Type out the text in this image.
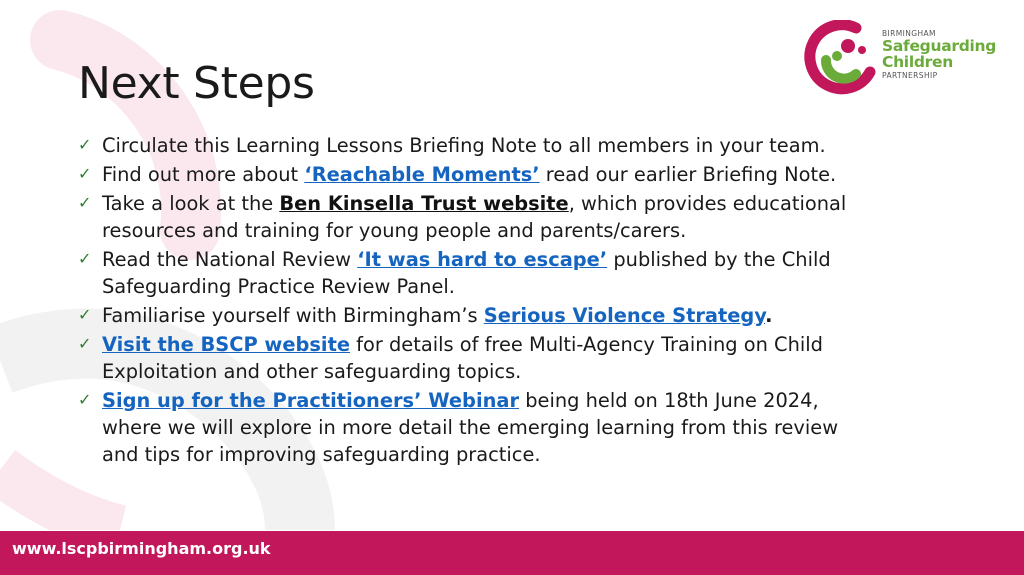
Next Steps
BIRMINGHAM
Safeguarding
Children
PARTNERSHIP
✓ Circulate this Learning Lessons Briefing Note to all members in your team.
✓ Find out more about ‘Reachable Moments’ read our earlier Briefing Note.
✓ Take a look at the Ben Kinsella Trust website, which provides educational resources and training for young people and parents/carers.
✓ Read the National Review ‘It was hard to escape’ published by the Child Safeguarding Practice Review Panel.
✓ Familiarise yourself with Birmingham’s Serious Violence Strategy.
✓ Visit the BSCP website for details of free Multi-Agency Training on Child Exploitation and other safeguarding topics.
✓ Sign up for the Practitioners’ Webinar being held on 18th June 2024, where we will explore in more detail the emerging learning from this review and tips for improving safeguarding practice.
www.lscpbirmingham.org.uk
